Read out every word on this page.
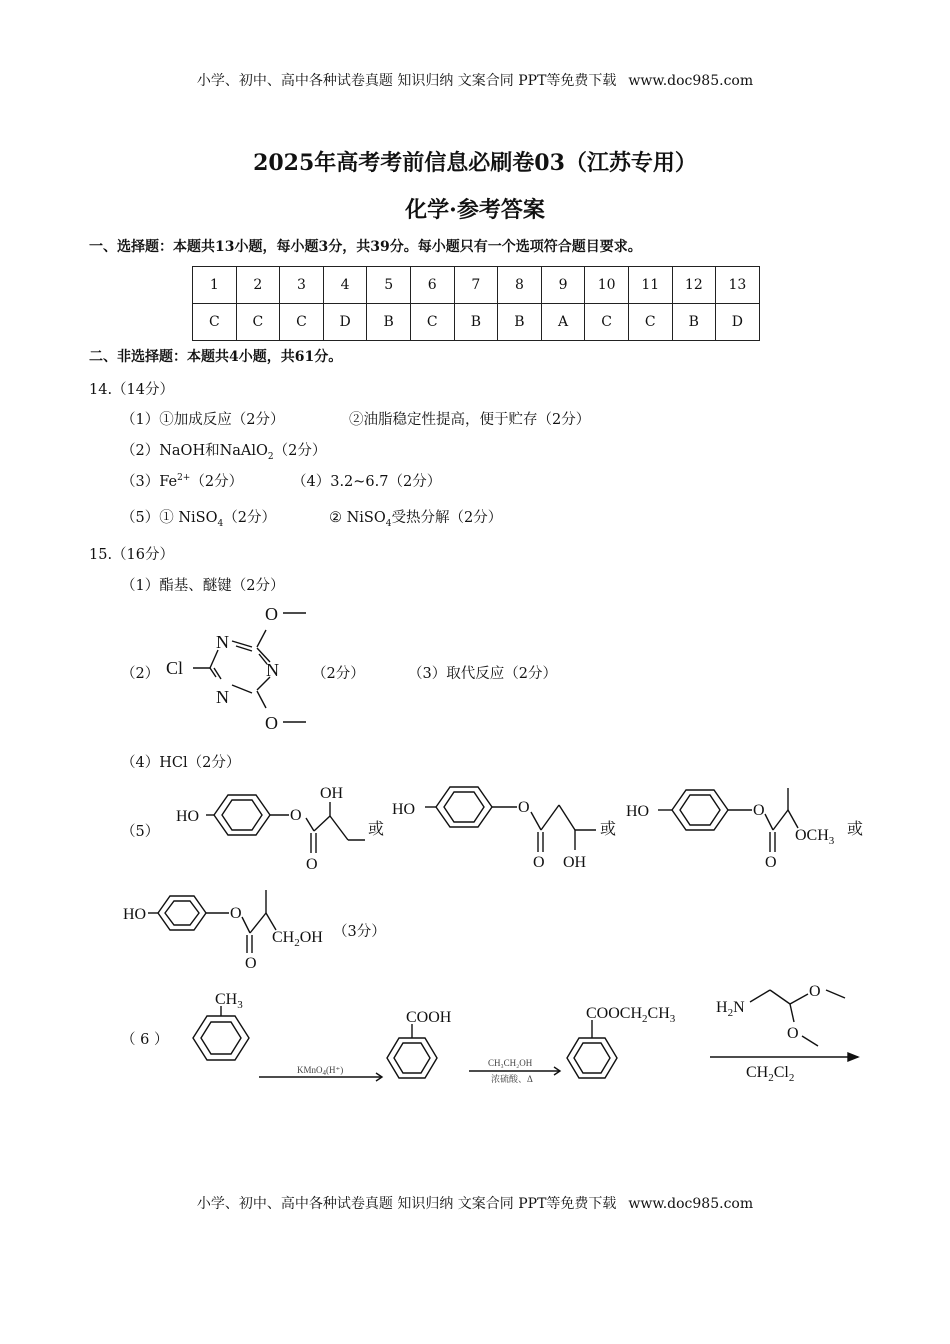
小学、初中、高中各种试卷真题 知识归纳 文案合同 PPT等免费下载 www.doc985.com
2025年高考考前信息必刷卷03（江苏专用）
化学·参考答案
一、选择题：本题共13小题，每小题3分，共39分。每小题只有一个选项符合题目要求。
1	2	3	4	5	6	7	8	9	10	11	12	13
C	C	C	D	B	C	B	B	A	C	C	B	D
二、非选择题：本题共4小题，共61分。
14.（14分）
（1）①加成反应（2分）	②油脂稳定性提高，便于贮存（2分）
（2）NaOH和NaAlO$_2$（2分）
$(3)Fe^{2+}(2$分）	（4）3.2~6.7（2分）
（5）① NiSO$_4$（2分）	② NiSO$_4$受热分解（2分）
15.（16分）
（1）酯基、醚键（2分）
（2）	（2分）	（3）取代反应（2分）
（4）HCl（2分）
（5）
（3分）
（ 6 ）
Cl
N
N
N
O
O
HO	O
OH
O
或
HO	O
O OH
或
HO	O
O
$OCH_3$
或
HO	O
O
$CH_2OH$
$CH_3$
COOH	$COOCH_2CH_3$
$H_2N$
O
O
$CH_2Cl_2$
KMnO$_4$(H⁺)
CH₃CH₂OH
浓硫酸、Δ
小学、初中、高中各种试卷真题 知识归纳 文案合同 PPT等免费下载 www.doc985.com
